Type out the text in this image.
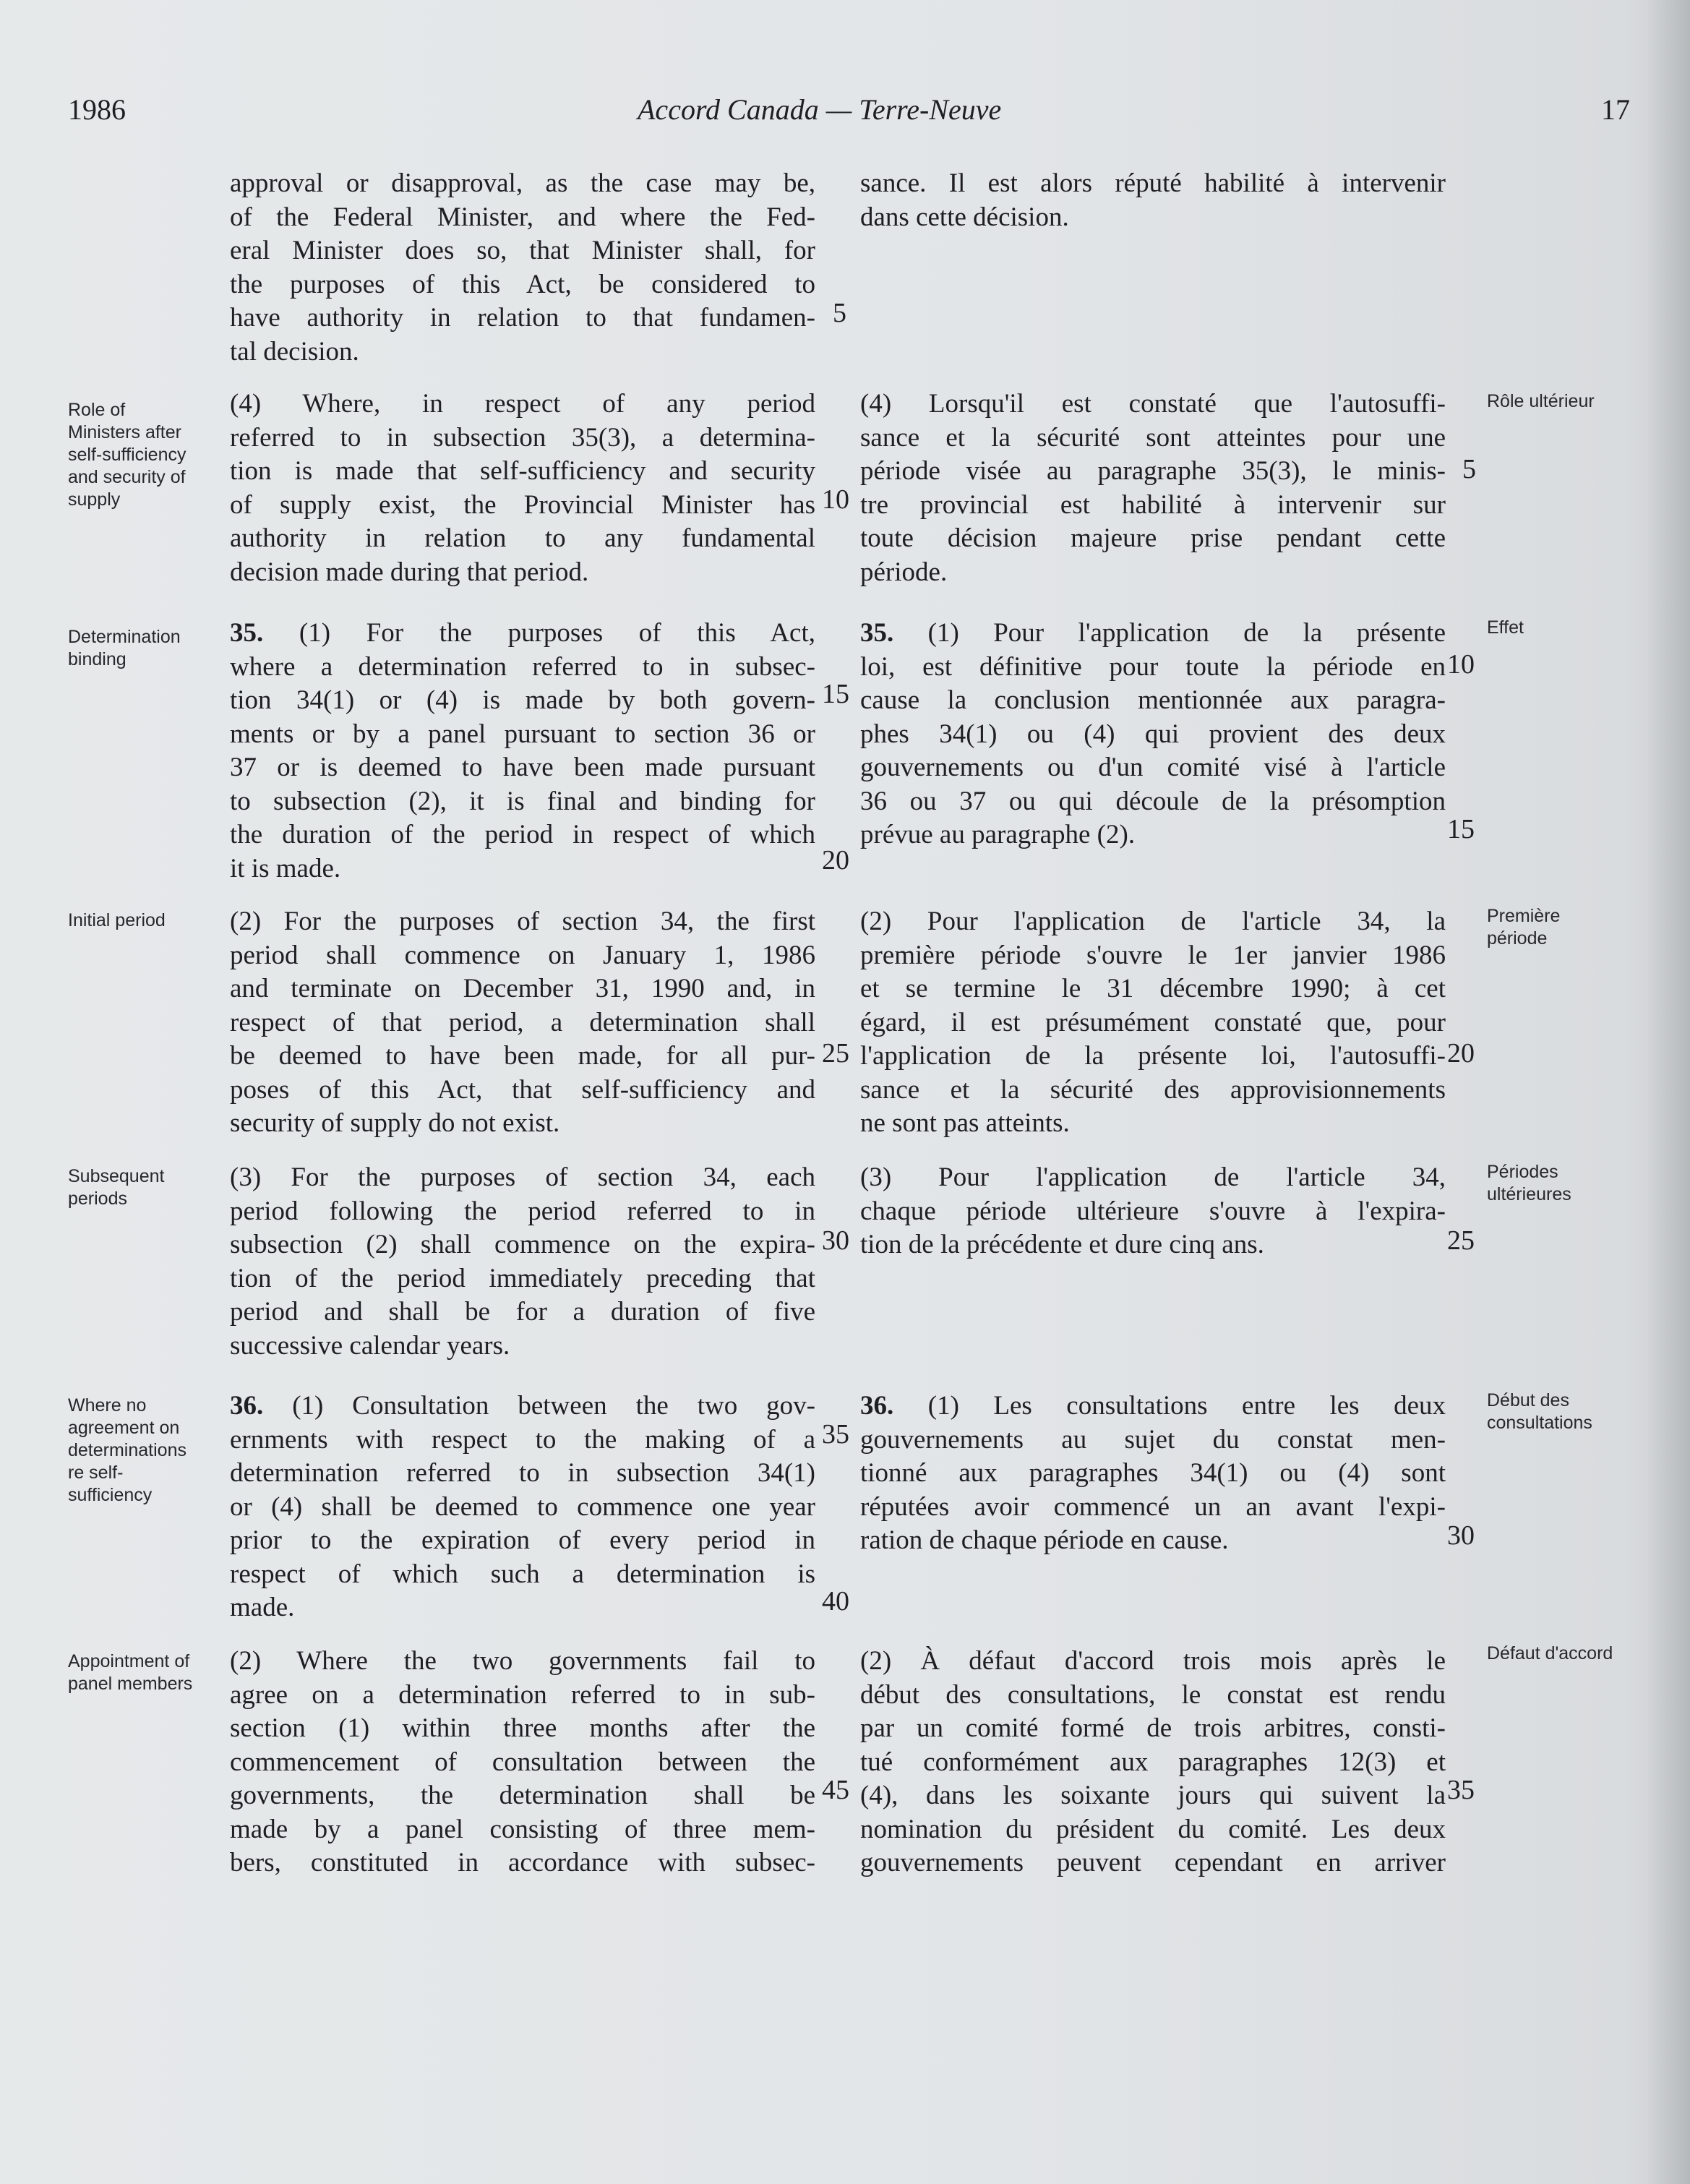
1986	Accord Canada — Terre-Neuve	17
Role of
Ministers after
self-sufficiency
and security of
supply
Determination
binding
Initial period
Subsequent
periods
Where no
agreement on
determinations
re self-
sufficiency
Appointment of
panel members
Rôle ultérieur
Effet
Première
période
Périodes
ultérieures
Début des
consultations
Défaut d'accord
approval or disapproval, as the case may be,
of the Federal Minister, and where the Fed-
eral Minister does so, that Minister shall, for
the purposes of this Act, be considered to
have authority in relation to that fundamen-
tal decision.
(4) Where, in respect of any period
referred to in subsection 35(3), a determina-
tion is made that self-sufficiency and security
of supply exist, the Provincial Minister has
authority in relation to any fundamental
decision made during that period.
35. (1) For the purposes of this Act,
where a determination referred to in subsec-
tion 34(1) or (4) is made by both govern-
ments or by a panel pursuant to section 36 or
37 or is deemed to have been made pursuant
to subsection (2), it is final and binding for
the duration of the period in respect of which
it is made.
(2) For the purposes of section 34, the first
period shall commence on January 1, 1986
and terminate on December 31, 1990 and, in
respect of that period, a determination shall
be deemed to have been made, for all pur-
poses of this Act, that self-sufficiency and
security of supply do not exist.
(3) For the purposes of section 34, each
period following the period referred to in
subsection (2) shall commence on the expira-
tion of the period immediately preceding that
period and shall be for a duration of five
successive calendar years.
36. (1) Consultation between the two gov-
ernments with respect to the making of a
determination referred to in subsection 34(1)
or (4) shall be deemed to commence one year
prior to the expiration of every period in
respect of which such a determination is
made.
(2) Where the two governments fail to
agree on a determination referred to in sub-
section (1) within three months after the
commencement of consultation between the
governments, the determination shall be
made by a panel consisting of three mem-
bers, constituted in accordance with subsec-
sance. Il est alors réputé habilité à intervenir
dans cette décision.
(4) Lorsqu'il est constaté que l'autosuffi-
sance et la sécurité sont atteintes pour une
période visée au paragraphe 35(3), le minis-
tre provincial est habilité à intervenir sur
toute décision majeure prise pendant cette
période.
35. (1) Pour l'application de la présente
loi, est définitive pour toute la période en
cause la conclusion mentionnée aux paragra-
phes 34(1) ou (4) qui provient des deux
gouvernements ou d'un comité visé à l'article
36 ou 37 ou qui découle de la présomption
prévue au paragraphe (2).
(2) Pour l'application de l'article 34, la
première période s'ouvre le 1er janvier 1986
et se termine le 31 décembre 1990; à cet
égard, il est présumément constaté que, pour
l'application de la présente loi, l'autosuffi-
sance et la sécurité des approvisionnements
ne sont pas atteints.
(3) Pour l'application de l'article 34,
chaque période ultérieure s'ouvre à l'expira-
tion de la précédente et dure cinq ans.
36. (1) Les consultations entre les deux
gouvernements au sujet du constat men-
tionné aux paragraphes 34(1) ou (4) sont
réputées avoir commencé un an avant l'expi-
ration de chaque période en cause.
(2) À défaut d'accord trois mois après le
début des consultations, le constat est rendu
par un comité formé de trois arbitres, consti-
tué conformément aux paragraphes 12(3) et
(4), dans les soixante jours qui suivent la
nomination du président du comité. Les deux
gouvernements peuvent cependant en arriver
5
10
15
20
25
30
35
40
45
5
10
15
20
25
30
35
